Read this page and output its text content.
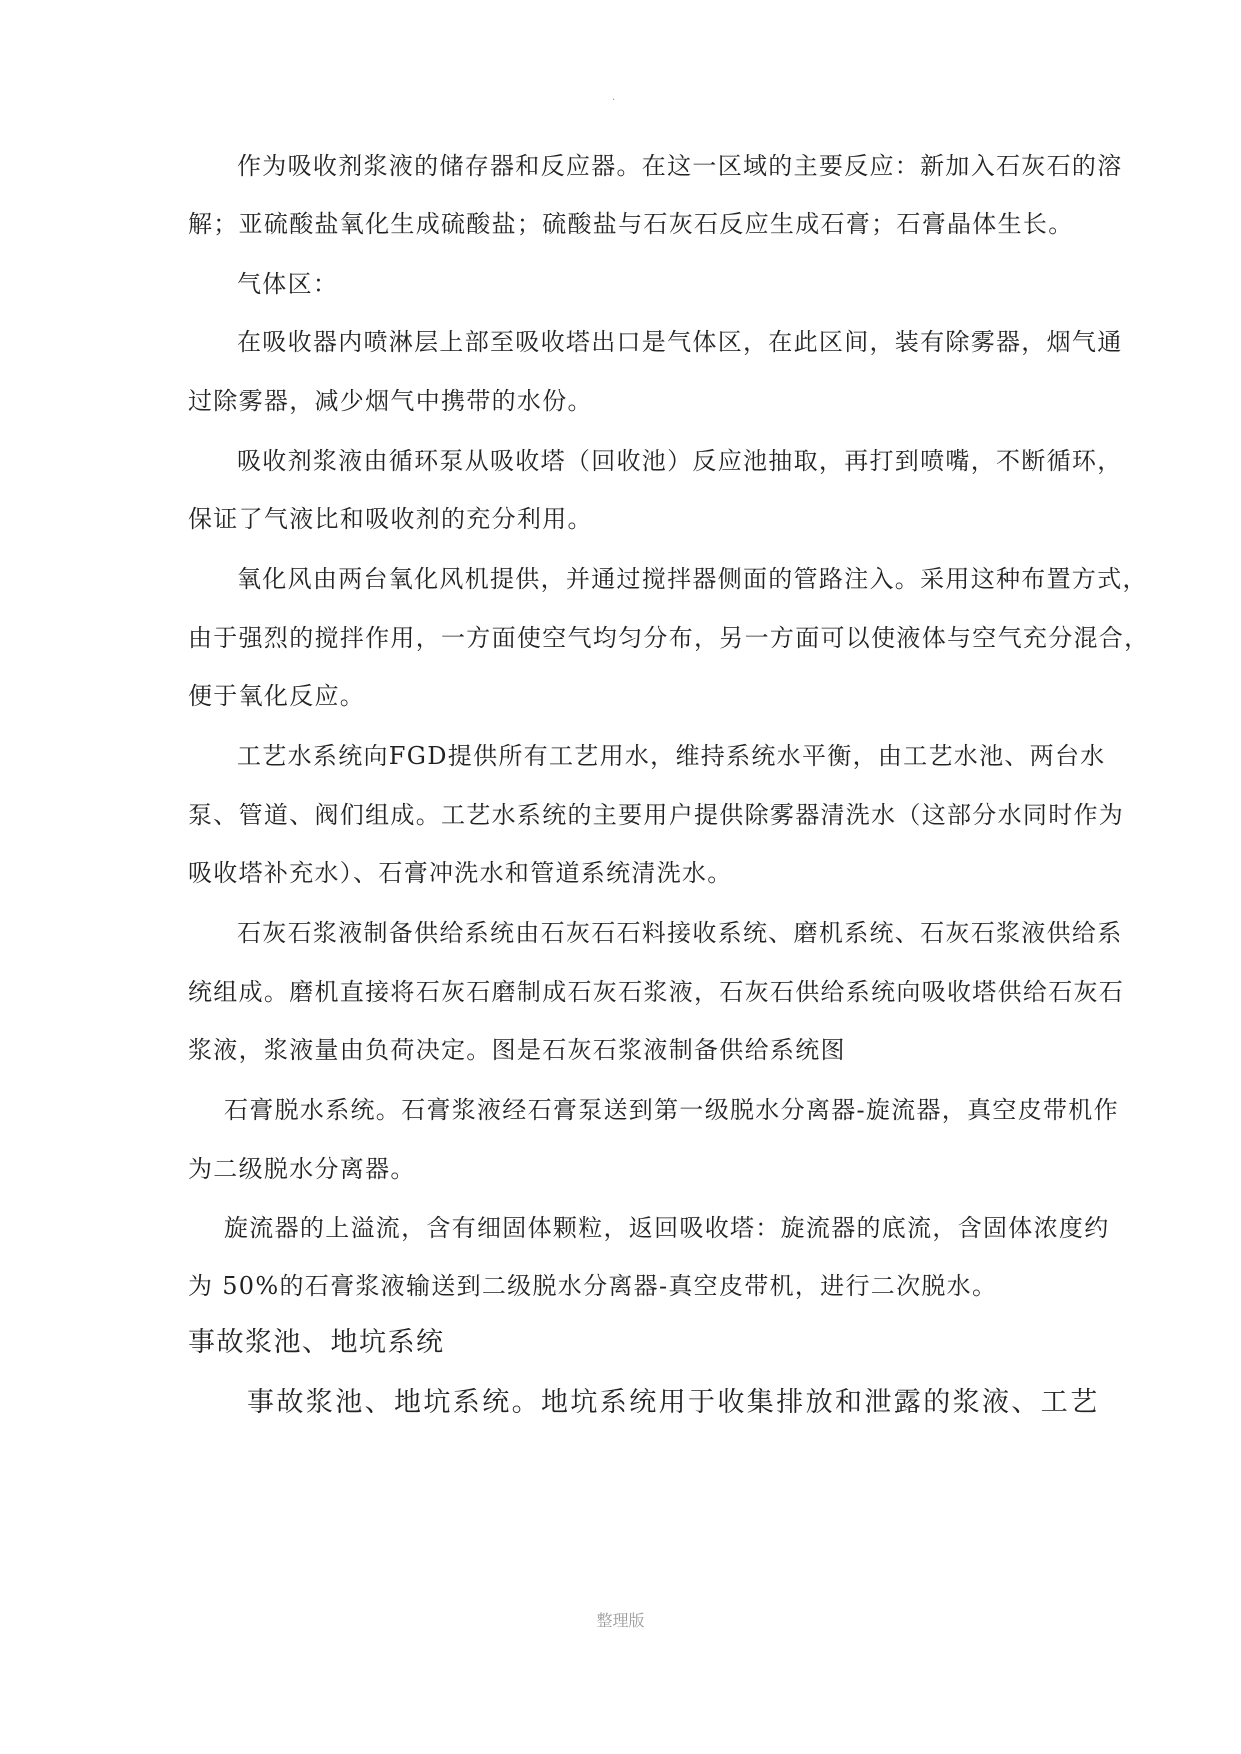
.
作为吸收剂浆液的储存器和反应器。在这一区域的主要反应：新加入石灰石的溶
解；亚硫酸盐氧化生成硫酸盐；硫酸盐与石灰石反应生成石膏；石膏晶体生长。
气体区：
在吸收器内喷淋层上部至吸收塔出口是气体区，在此区间，装有除雾器，烟气通
过除雾器，减少烟气中携带的水份。
吸收剂浆液由循环泵从吸收塔（回收池）反应池抽取，再打到喷嘴，不断循环，
保证了气液比和吸收剂的充分利用。
氧化风由两台氧化风机提供，并通过搅拌器侧面的管路注入。采用这种布置方式，
由于强烈的搅拌作用，一方面使空气均匀分布，另一方面可以使液体与空气充分混合，
便于氧化反应。
工艺水系统向FGD提供所有工艺用水，维持系统水平衡，由工艺水池、两台水
泵、管道、阀们组成。工艺水系统的主要用户提供除雾器清洗水（这部分水同时作为
吸收塔补充水）、石膏冲洗水和管道系统清洗水。
石灰石浆液制备供给系统由石灰石石料接收系统、磨机系统、石灰石浆液供给系
统组成。磨机直接将石灰石磨制成石灰石浆液，石灰石供给系统向吸收塔供给石灰石
浆液，浆液量由负荷决定。图是石灰石浆液制备供给系统图
石膏脱水系统。石膏浆液经石膏泵送到第一级脱水分离器-旋流器，真空皮带机作
为二级脱水分离器。
旋流器的上溢流，含有细固体颗粒，返回吸收塔：旋流器的底流，含固体浓度约
为 50%的石膏浆液输送到二级脱水分离器-真空皮带机，进行二次脱水。
事故浆池、地坑系统
事故浆池、地坑系统。地坑系统用于收集排放和泄露的浆液、工艺
整理版
